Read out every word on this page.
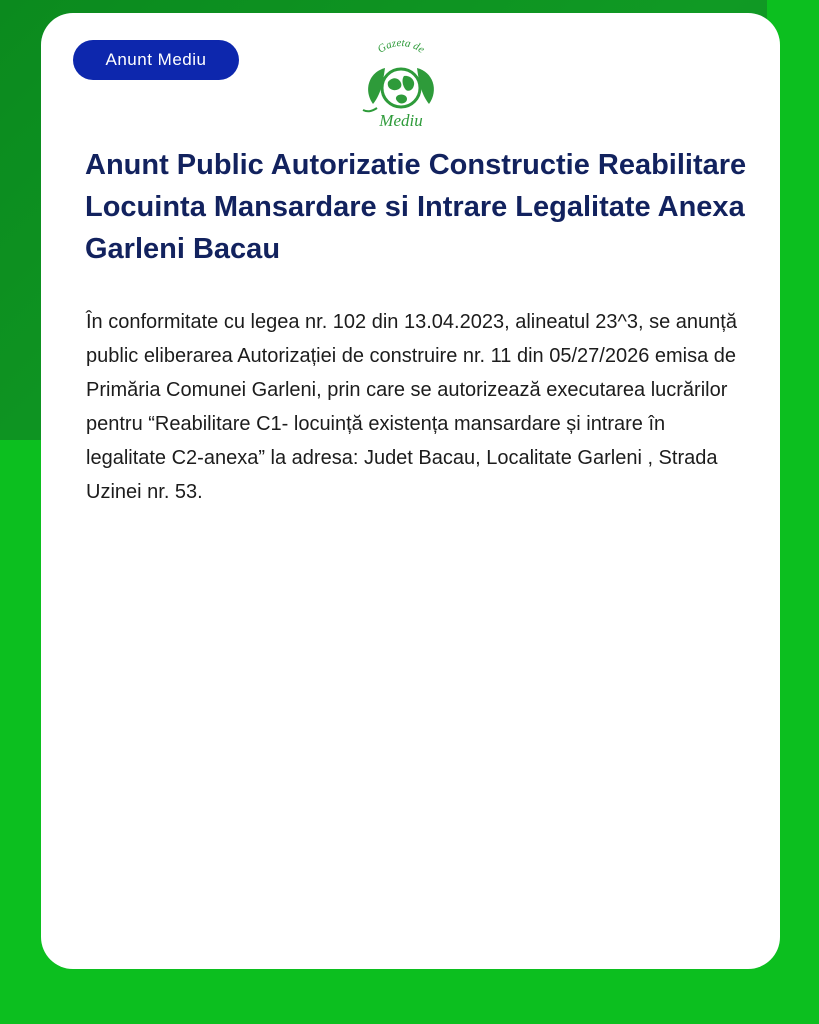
Anunt Mediu
Gazeta de
Mediu
Anunt Public Autorizatie Constructie Reabilitare Locuinta Mansardare si Intrare Legalitate Anexa Garleni Bacau

În conformitate cu legea nr. 102 din 13.04.2023, alineatul 23^3, se anunță public eliberarea Autorizației de construire nr. 11 din 05/27/2026 emisa de Primăria Comunei Garleni, prin care se autorizează executarea lucrărilor pentru “Reabilitare C1- locuință existența mansardare și intrare în legalitate C2-anexa” la adresa: Judet Bacau, Localitate Garleni , Strada Uzinei nr. 53.
